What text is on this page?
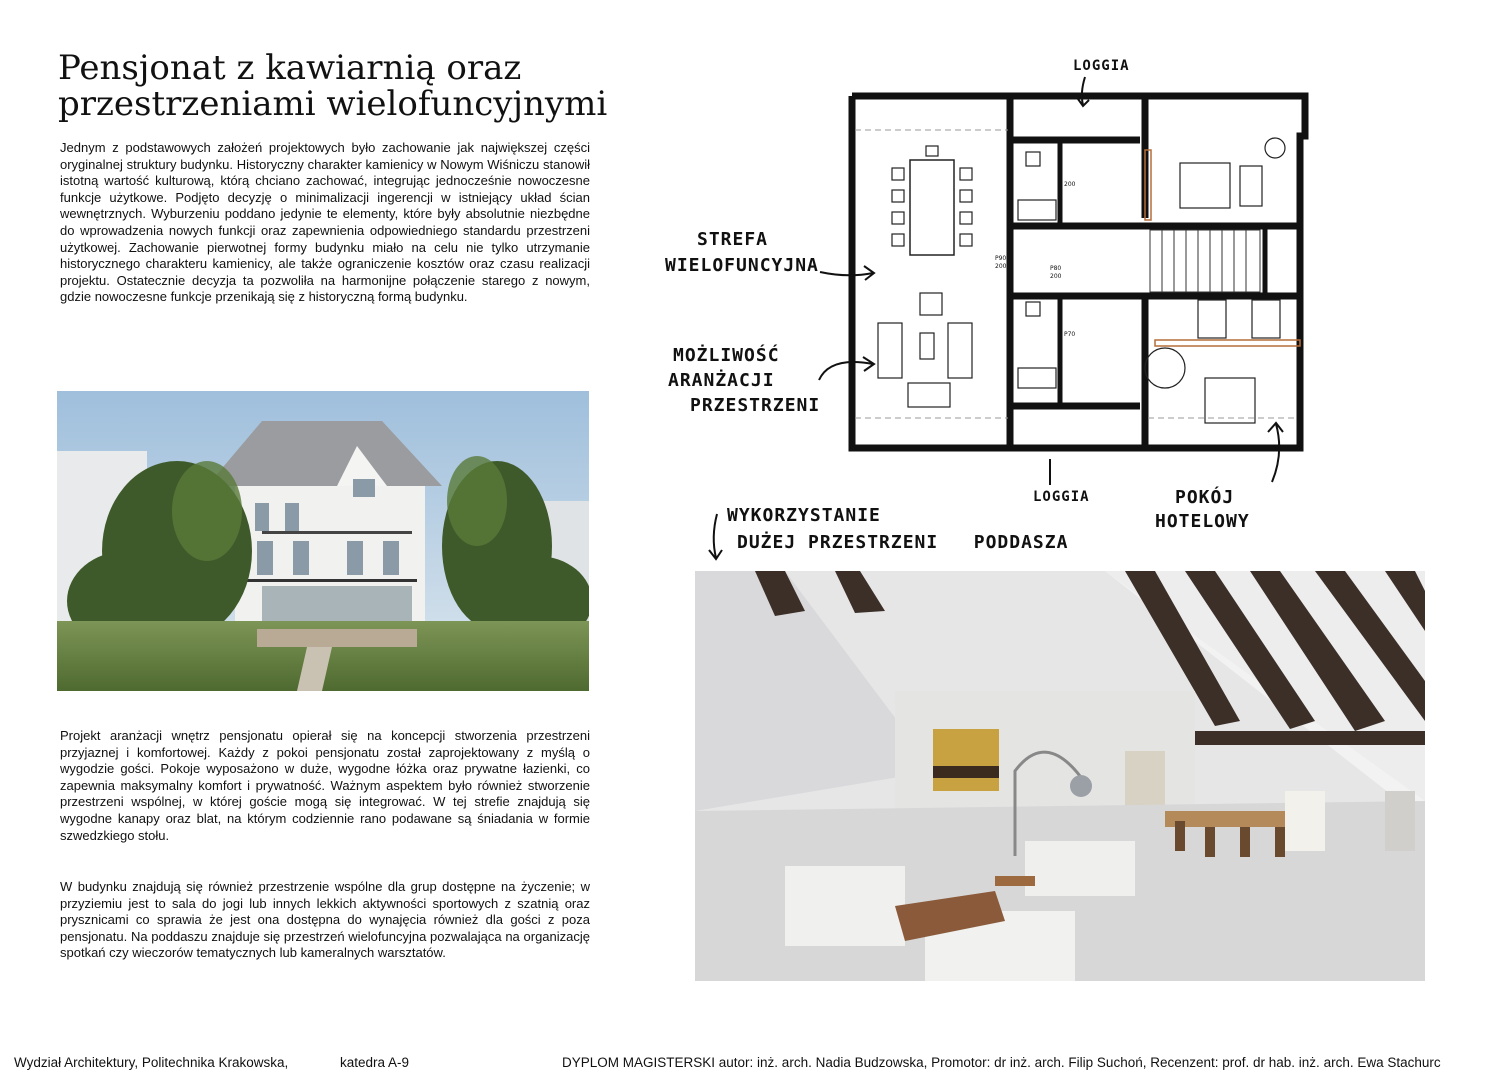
Pensjonat z kawiarnią oraz
przestrzeniami wielofuncyjnymi

Jednym z podstawowych założeń projektowych było zachowanie jak największej części oryginalnej struktury budynku. Historyczny charakter kamienicy w Nowym Wiśniczu stanowił istotną wartość kulturową, którą chciano zachować, integrując jednocześnie nowoczesne funkcje użytkowe. Podjęto decyzję o minimalizacji ingerencji w istniejący układ ścian wewnętrznych. Wyburzeniu poddano jedynie te elementy, które były absolutnie niezbędne do wprowadzenia nowych funkcji oraz zapewnienia odpowiedniego standardu przestrzeni użytkowej. Zachowanie pierwotnej formy budynku miało na celu nie tylko utrzymanie historycznego charakteru kamienicy, ale także ograniczenie kosztów oraz czasu realizacji projektu. Ostatecznie decyzja ta pozwoliła na harmonijne połączenie starego z nowym, gdzie nowoczesne funkcje przenikają się z historyczną formą budynku.

Projekt aranżacji wnętrz pensjonatu opierał się na koncepcji stworzenia przestrzeni przyjaznej i komfortowej. Każdy z pokoi pensjonatu został zaprojektowany z myślą o wygodzie gości. Pokoje wyposażono w duże, wygodne łóżka oraz prywatne łazienki, co zapewnia maksymalny komfort i prywatność. Ważnym aspektem było również stworzenie przestrzeni wspólnej, w której goście mogą się integrować. W tej strefie znajdują się wygodne kanapy oraz blat, na którym codziennie rano podawane są śniadania w formie szwedzkiego stołu.

W budynku znajdują się również przestrzenie wspólne dla grup dostępne na życzenie; w przyziemiu jest to sala do jogi lub innych lekkich aktywności sportowych z szatnią oraz prysznicami co sprawia że jest ona dostępna do wynajęcia również dla gości z poza pensjonatu. Na poddaszu znajduje się przestrzeń wielofuncyjna pozwalająca na organizację spotkań czy wieczorów tematycznych lub kameralnych warsztatów.

P90
200	P80
200
200
P70
LOGGIA
STREFA
WIELOFUNCYJNA
MOŻLIWOŚĆ
ARANŻACJI
PRZESTRZENI
LOGGIA	POKÓJ
HOTELOWY
WYKORZYSTANIE
DUŻEJ PRZESTRZENI   PODDASZA
Wydział Architektury, Politechnika Krakowska,	katedra A-9	DYPLOM MAGISTERSKI autor: inż. arch. Nadia Budzowska, Promotor: dr inż. arch. Filip Suchoń, Recenzent: prof. dr hab. inż. arch. Ewa Stachurc
